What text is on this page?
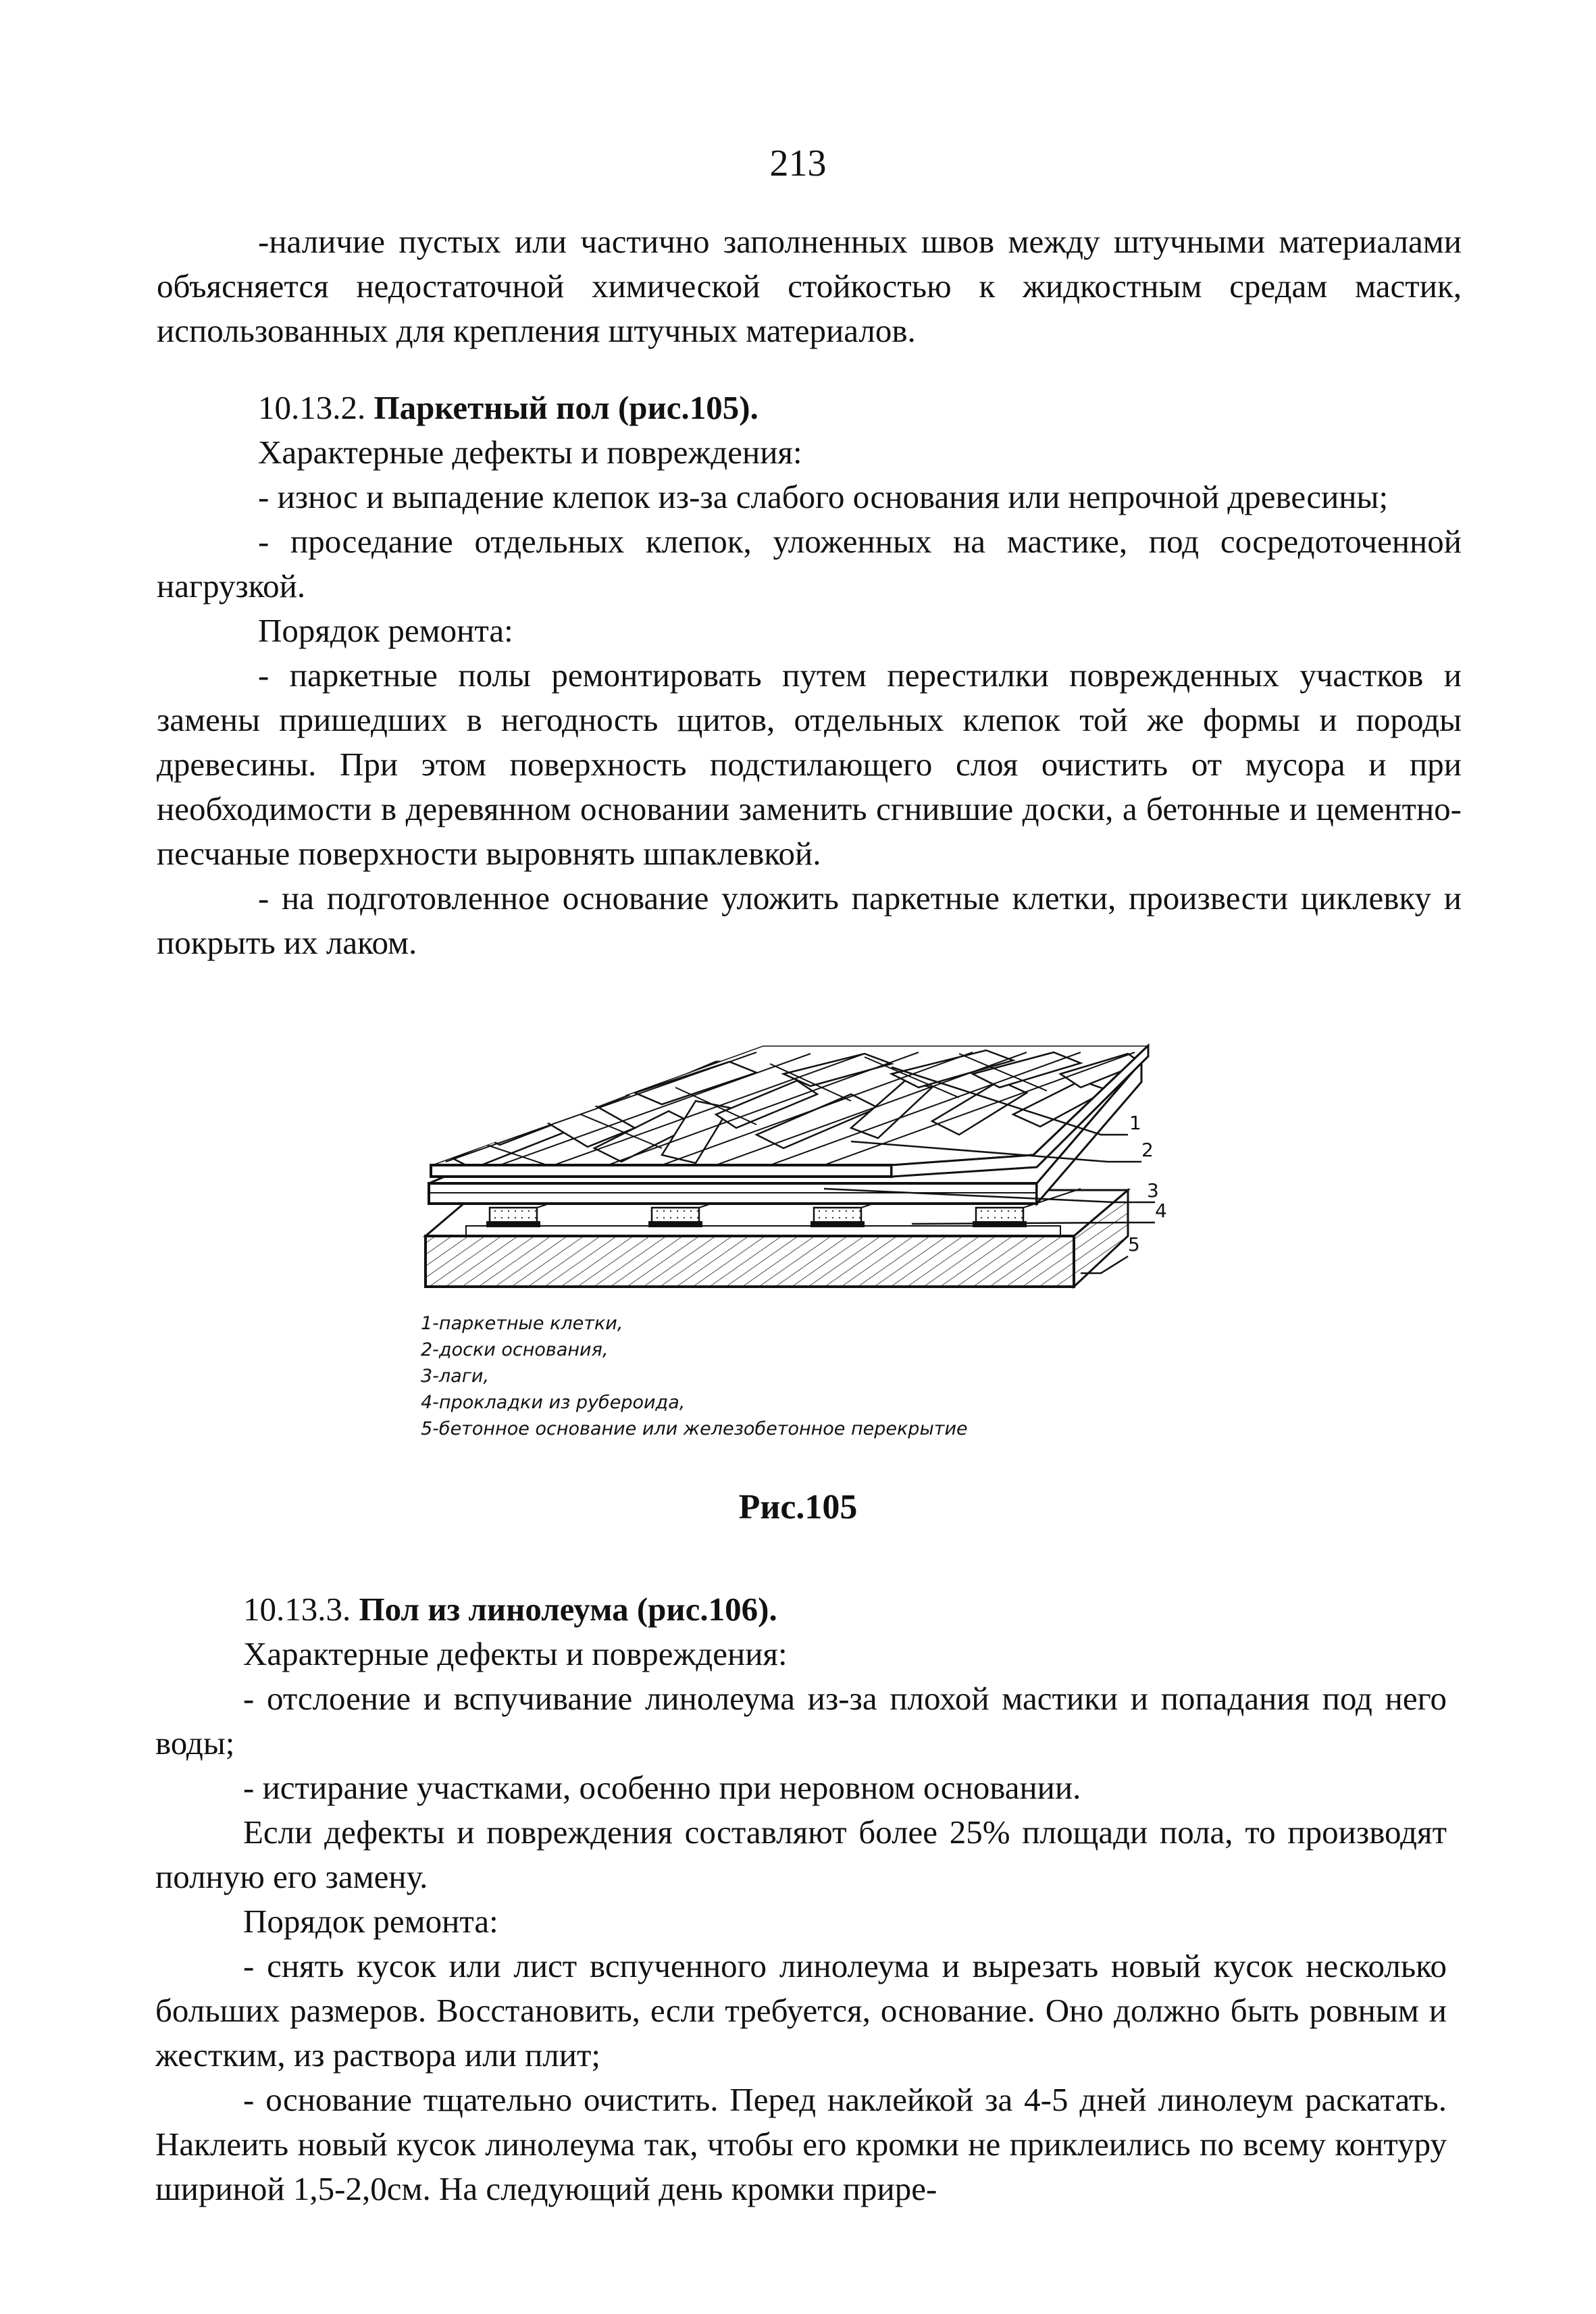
213

-наличие пустых или частично заполненных швов между штучными материалами объясняется недостаточной химической стойкостью к жидкостным средам мастик, использованных для крепления штучных материалов.

10.13.2. Паркетный пол (рис.105).

Характерные дефекты и повреждения:

- износ и выпадение клепок из-за слабого основания или непрочной древесины;

- проседание отдельных клепок, уложенных на мастике, под сосредоточенной нагрузкой.

Порядок ремонта:

- паркетные полы ремонтировать путем перестилки поврежденных участков и замены пришедших в негодность щитов, отдельных клепок той же формы и породы древесины. При этом поверхность подстилающего слоя очистить от мусора и при необходимости в деревянном основании заменить сгнившие доски, а бетонные и цементно-песчаные поверхности выровнять шпаклевкой.

- на подготовленное основание уложить паркетные клетки, произвести циклевку и покрыть их лаком.

1
2
3
4
5
1-паркетные клетки,
2-доски основания,
3-лаги,
4-прокладки из рубероида,
5-бетонное основание или железобетонное перекрытие
Рис.105

10.13.3. Пол из линолеума (рис.106).

Характерные дефекты и повреждения:

- отслоение и вспучивание линолеума из-за плохой мастики и попадания под него воды;

- истирание участками, особенно при неровном основании.

Если дефекты и повреждения составляют более 25% площади пола, то производят полную его замену.

Порядок ремонта:

- снять кусок или лист вспученного линолеума и вырезать новый кусок несколько больших размеров. Восстановить, если требуется, основание. Оно должно быть ровным и жестким, из раствора или плит;

- основание тщательно очистить. Перед наклейкой за 4-5 дней линолеум раскатать. Наклеить новый кусок линолеума так, чтобы его кромки не приклеились по всему контуру шириной 1,5-2,0см. На следующий день кромки прире-
